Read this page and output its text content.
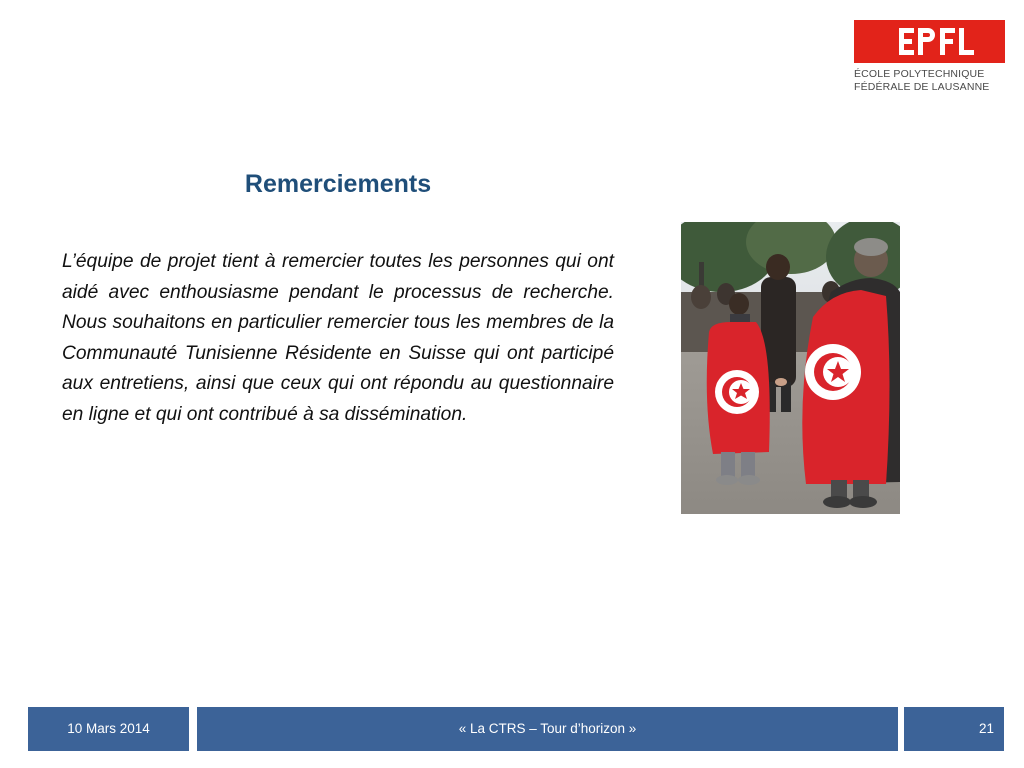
ÉCOLE POLYTECHNIQUE
FÉDÉRALE DE LAUSANNE
Remerciements
L’équipe de projet tient à remercier toutes les personnes qui ont aidé avec enthousiasme pendant le processus de recherche. Nous souhaitons en particulier remercier tous les membres de la Communauté Tunisienne Résidente en Suisse qui ont participé aux entretiens, ainsi que ceux qui ont répondu au questionnaire en ligne et qui ont contribué à sa dissémination.
10 Mars 2014	« La CTRS – Tour d’horizon »	21
